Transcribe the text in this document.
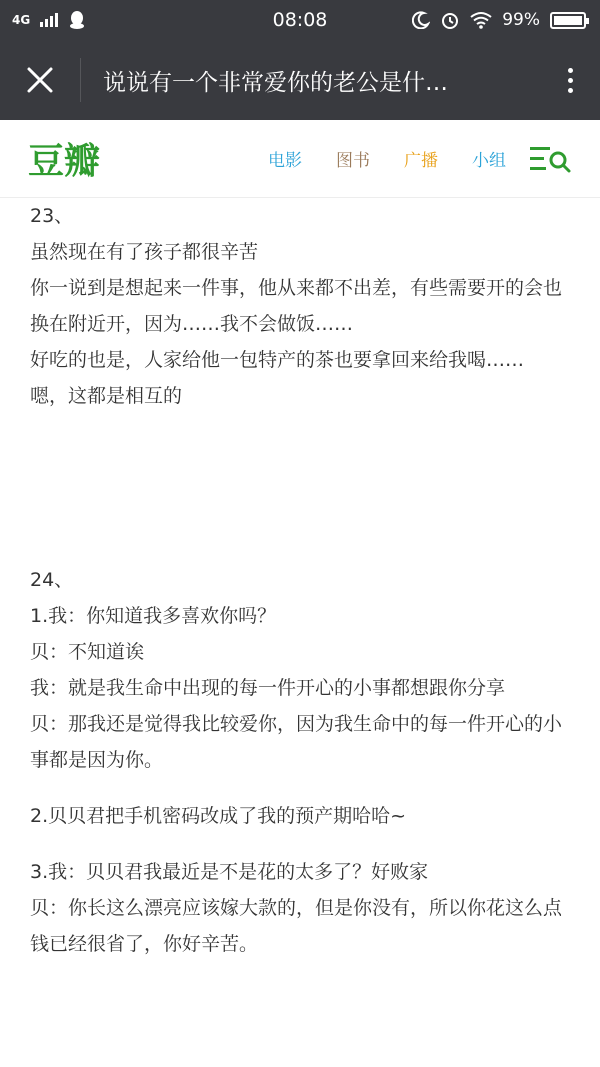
4G	08:08	99%
说说有一个非常爱你的老公是什…
豆瓣	电影 图书 广播 小组
23、
虽然现在有了孩子都很辛苦
你一说到是想起来一件事，他从来都不出差，有些需要开的会也换在附近开，因为……我不会做饭……
好吃的也是，人家给他一包特产的茶也要拿回来给我喝……
嗯，这都是相互的
24、
1.我：你知道我多喜欢你吗？
贝：不知道诶
我：就是我生命中出现的每一件开心的小事都想跟你分享
贝：那我还是觉得我比较爱你，因为我生命中的每一件开心的小事都是因为你。
2.贝贝君把手机密码改成了我的预产期哈哈~
3.我：贝贝君我最近是不是花的太多了？好败家
贝：你长这么漂亮应该嫁大款的，但是你没有，所以你花这么点钱已经很省了，你好辛苦。
